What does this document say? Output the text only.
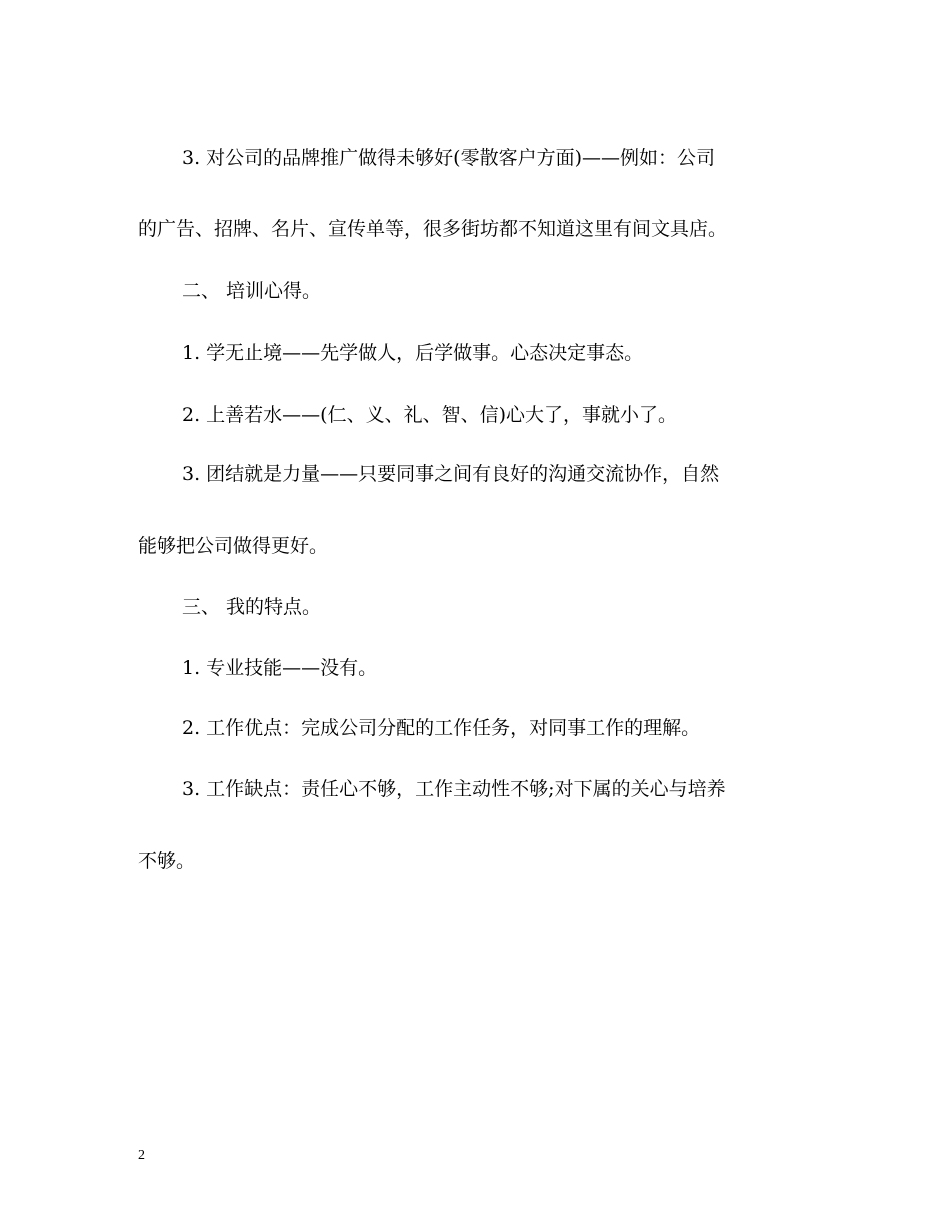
3. 对公司的品牌推广做得未够好(零散客户方面)——例如：公司
的广告、招牌、名片、宣传单等，很多街坊都不知道这里有间文具店。
二、 培训心得。
1. 学无止境——先学做人，后学做事。心态决定事态。
2. 上善若水——(仁、义、礼、智、信)心大了，事就小了。
3. 团结就是力量——只要同事之间有良好的沟通交流协作，自然
能够把公司做得更好。
三、 我的特点。
1. 专业技能——没有。
2. 工作优点：完成公司分配的工作任务，对同事工作的理解。
3. 工作缺点：责任心不够，工作主动性不够;对下属的关心与培养
不够。
2
